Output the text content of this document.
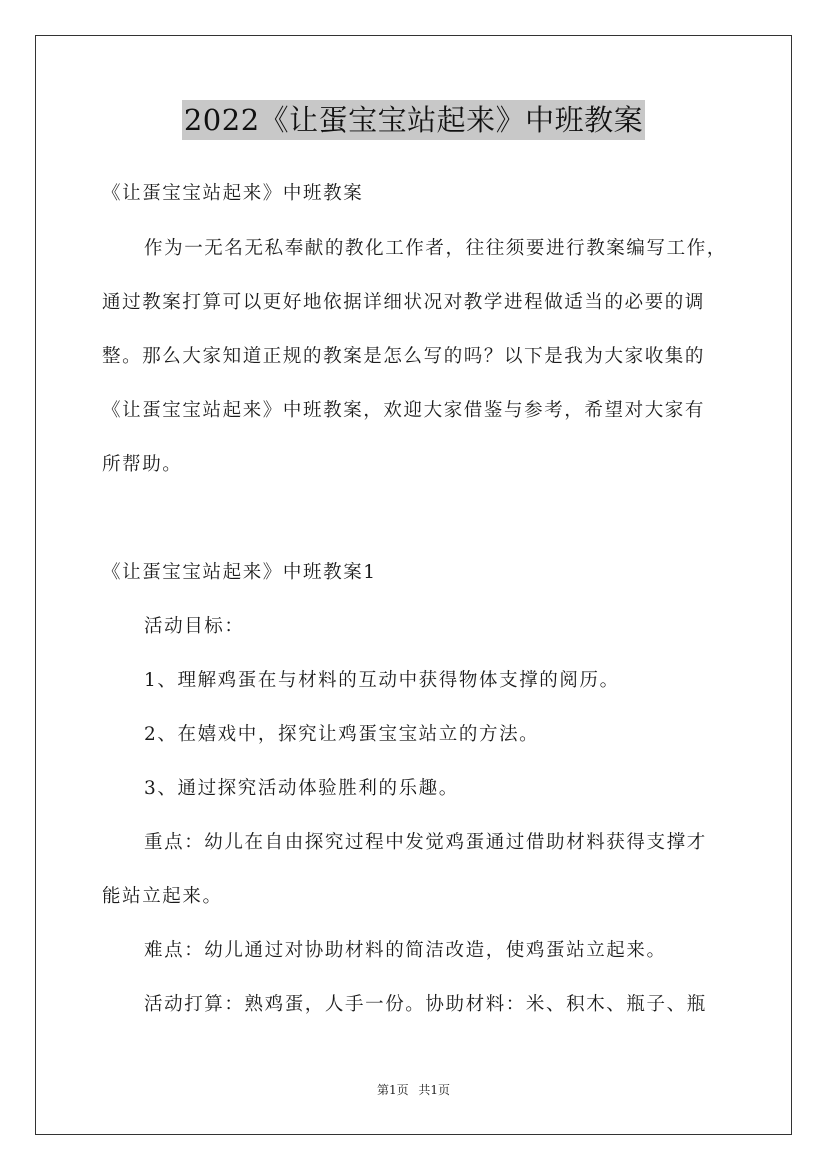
2022《让蛋宝宝站起来》中班教案
《让蛋宝宝站起来》中班教案
作为一无名无私奉献的教化工作者，往往须要进行教案编写工作，
通过教案打算可以更好地依据详细状况对教学进程做适当的必要的调
整。那么大家知道正规的教案是怎么写的吗？以下是我为大家收集的
《让蛋宝宝站起来》中班教案，欢迎大家借鉴与参考，希望对大家有
所帮助。
《让蛋宝宝站起来》中班教案1
活动目标：
1、理解鸡蛋在与材料的互动中获得物体支撑的阅历。
2、在嬉戏中，探究让鸡蛋宝宝站立的方法。
3、通过探究活动体验胜利的乐趣。
重点：幼儿在自由探究过程中发觉鸡蛋通过借助材料获得支撑才
能站立起来。
难点：幼儿通过对协助材料的简洁改造，使鸡蛋站立起来。
活动打算：熟鸡蛋，人手一份。协助材料：米、积木、瓶子、瓶
第1页 共1页
